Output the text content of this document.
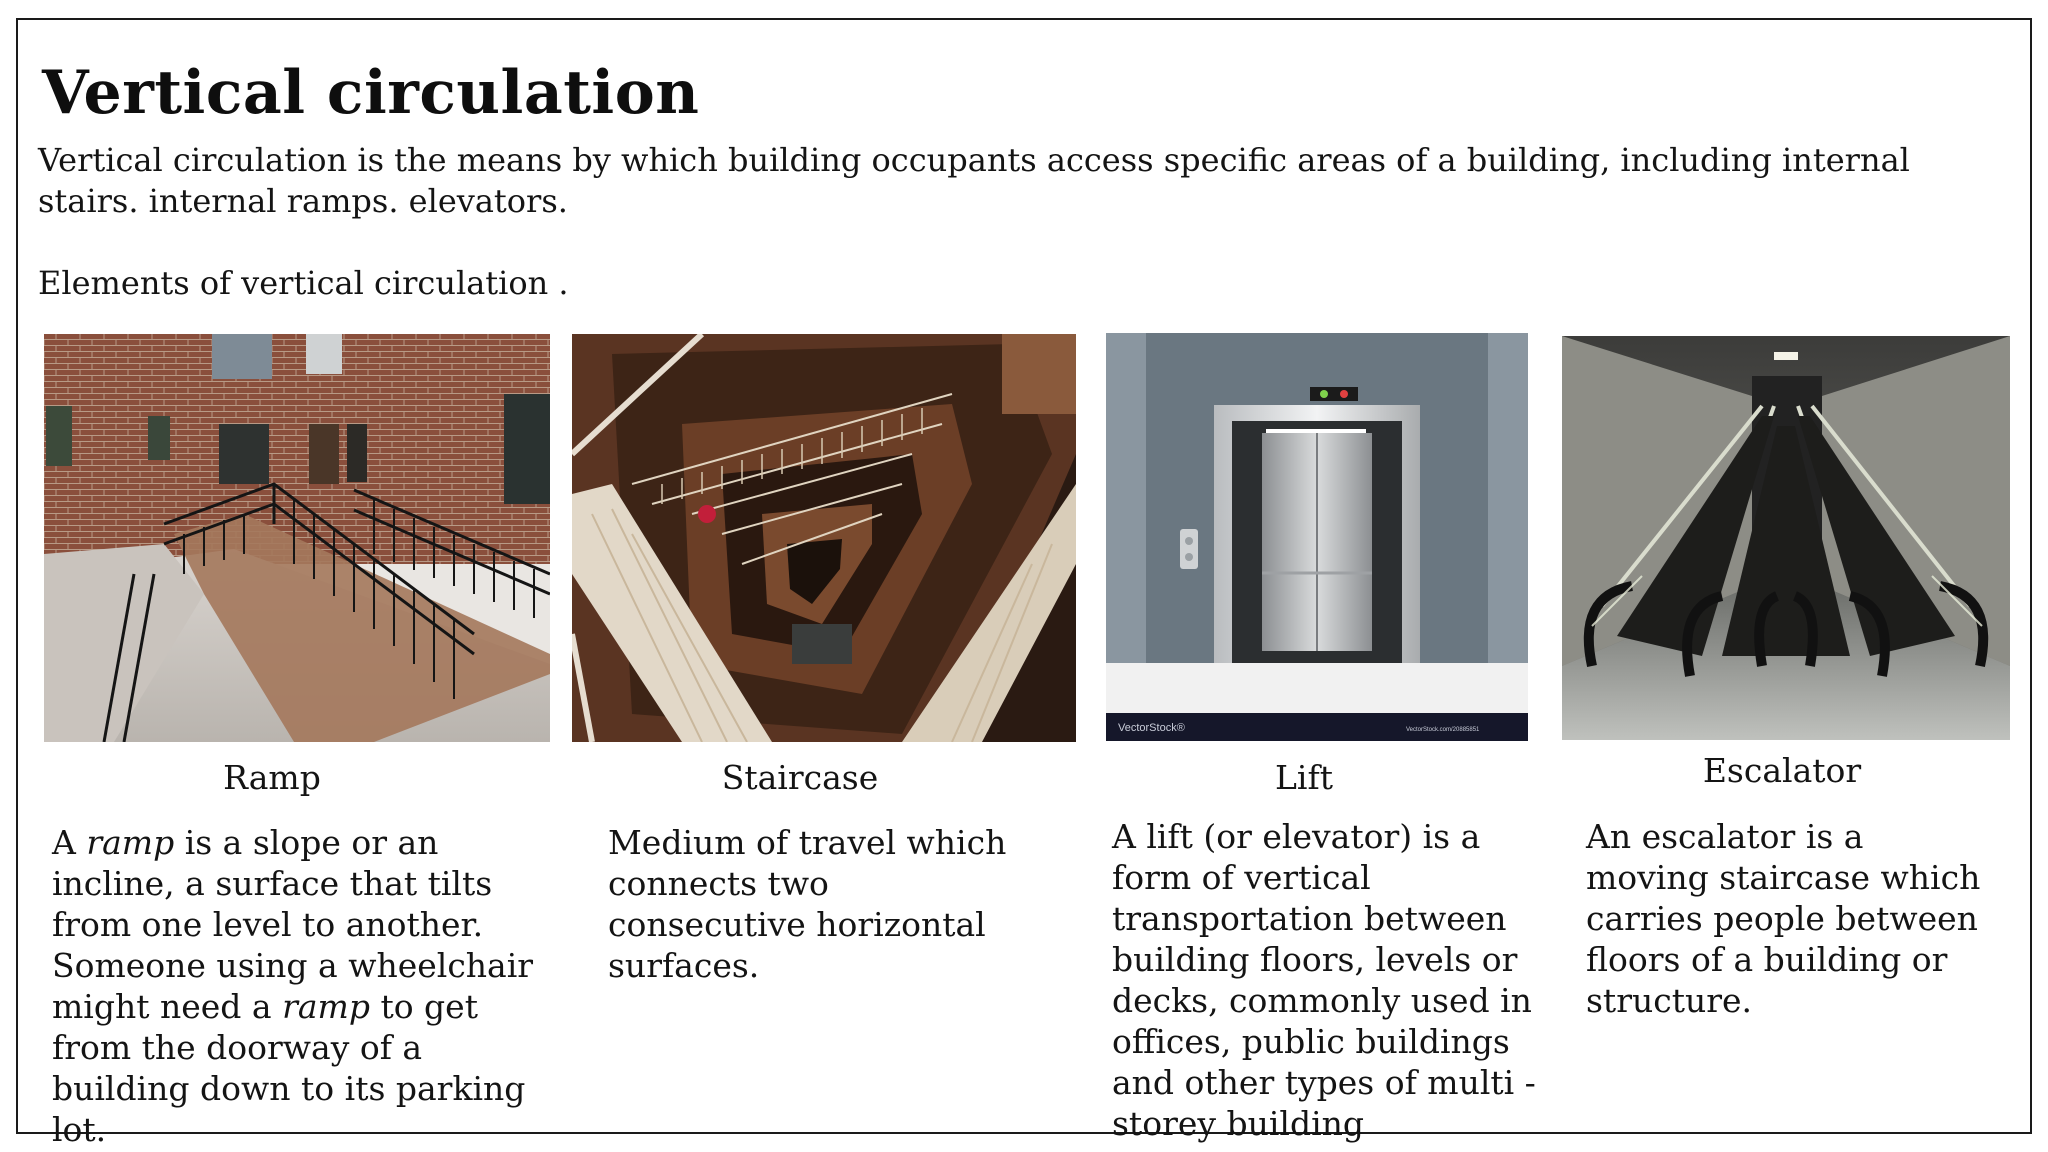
Vertical circulation

Vertical circulation is the means by which building occupants access specific areas of a building, including internal stairs. internal ramps. elevators.

Elements of vertical circulation .

VectorStock®	VectorStock.com/20885851
Ramp	Staircase	Lift	Escalator
A ramp is a slope or an incline, a surface that tilts from one level to another. Someone using a wheelchair might need a ramp to get from the doorway of a building down to its parking lot.
Medium of travel which connects two consecutive horizontal surfaces.
A lift (or elevator) is a form of vertical transportation between building floors, levels or decks, commonly used in offices, public buildings and other types of multi - storey building
An escalator is a moving staircase which carries people between floors of a building or structure.
